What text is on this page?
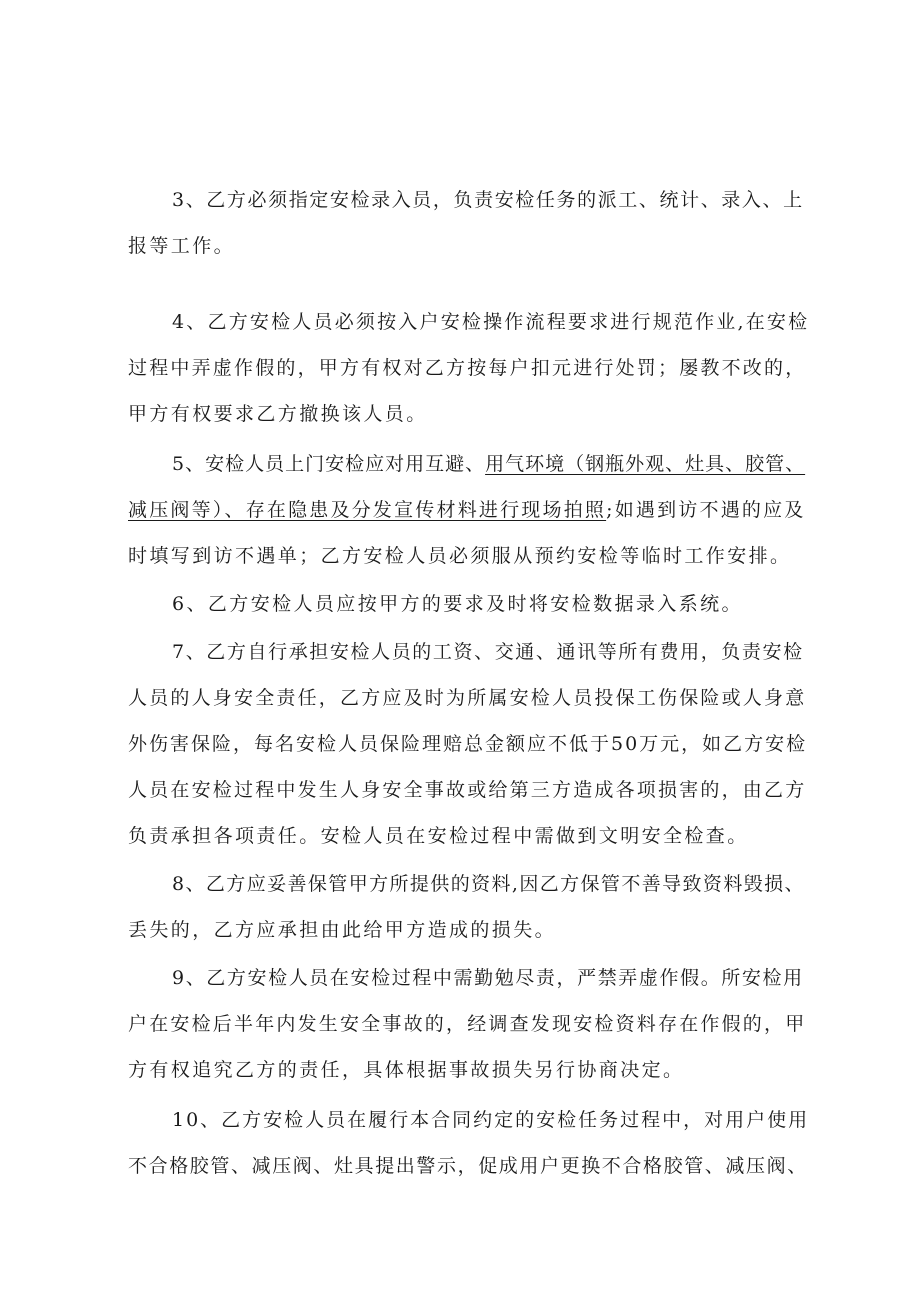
3、乙方必须指定安检录入员，负责安检任务的派工、统计、录入、上
报等工作。
4、乙方安检人员必须按入户安检操作流程要求进行规范作业,在安检
过程中弄虚作假的，甲方有权对乙方按每户扣元进行处罚；屡教不改的，
甲方有权要求乙方撤换该人员。
5、安检人员上门安检应对用互避、用气环境（钢瓶外观、灶具、胶管、
减压阀等）、存在隐患及分发宣传材料进行现场拍照;如遇到访不遇的应及
时填写到访不遇单；乙方安检人员必须服从预约安检等临时工作安排。
6、乙方安检人员应按甲方的要求及时将安检数据录入系统。
7、乙方自行承担安检人员的工资、交通、通讯等所有费用，负责安检
人员的人身安全责任，乙方应及时为所属安检人员投保工伤保险或人身意
外伤害保险，每名安检人员保险理赔总金额应不低于50万元，如乙方安检
人员在安检过程中发生人身安全事故或给第三方造成各项损害的，由乙方
负责承担各项责任。安检人员在安检过程中需做到文明安全检查。
8、乙方应妥善保管甲方所提供的资料,因乙方保管不善导致资料毁损、
丢失的，乙方应承担由此给甲方造成的损失。
9、乙方安检人员在安检过程中需勤勉尽责，严禁弄虚作假。所安检用
户在安检后半年内发生安全事故的，经调查发现安检资料存在作假的，甲
方有权追究乙方的责任，具体根据事故损失另行协商决定。
10、乙方安检人员在履行本合同约定的安检任务过程中，对用户使用
不合格胶管、减压阀、灶具提出警示，促成用户更换不合格胶管、减压阀、
